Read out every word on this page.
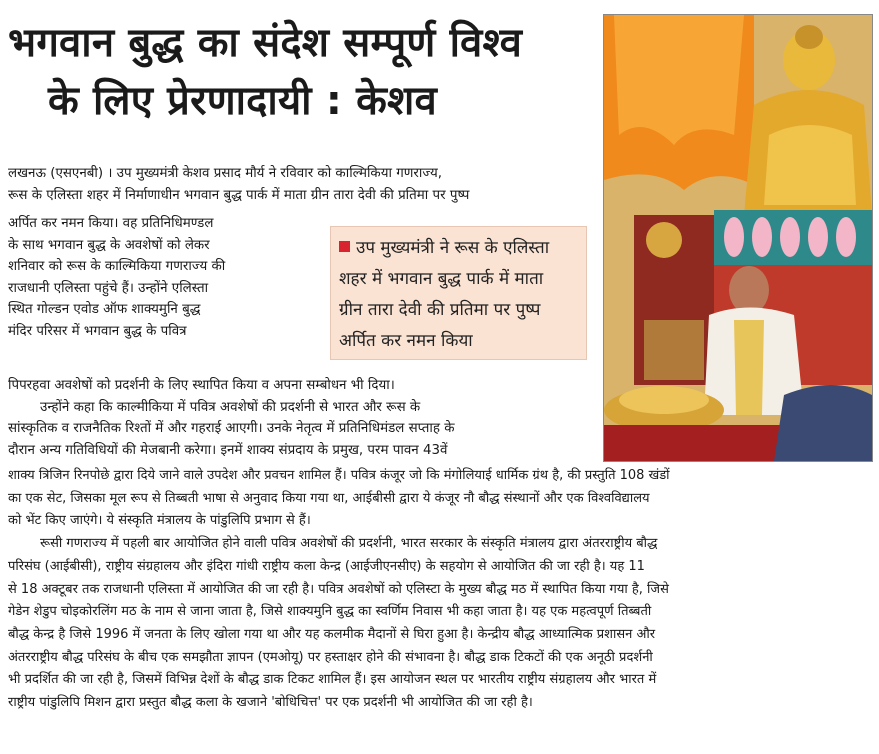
भगवान बुद्ध का संदेश सम्पूर्ण विश्व
के लिए प्रेरणादायी : केशव
लखनऊ (एसएनबी) । उप मुख्यमंत्री केशव प्रसाद मौर्य ने रविवार को काल्मिकिया गणराज्य,
रूस के एलिस्ता शहर में निर्माणाधीन भगवान बुद्ध पार्क में माता ग्रीन तारा देवी की प्रतिमा पर पुष्प
अर्पित कर नमन किया। वह प्रतिनिधिमण्डल
के साथ भगवान बुद्ध के अवशेषों को लेकर
शनिवार को रूस के काल्मिकिया गणराज्य की
राजधानी एलिस्ता पहुंचे हैं। उन्होंने एलिस्ता
स्थित गोल्डन एवोड ऑफ शाक्यमुनि बुद्ध
मंदिर परिसर में भगवान बुद्ध के पवित्र
उप मुख्यमंत्री ने रूस के एलिस्ता
शहर में भगवान बुद्ध पार्क में माता
ग्रीन तारा देवी की प्रतिमा पर पुष्प
अर्पित कर नमन किया
पिपरहवा अवशेषों को प्रदर्शनी के लिए स्थापित किया व अपना सम्बोधन भी दिया।
उन्होंने कहा कि काल्मीकिया में पवित्र अवशेषों की प्रदर्शनी से भारत और रूस के
सांस्कृतिक व राजनैतिक रिश्तों में और गहराई आएगी। उनके नेतृत्व में प्रतिनिधिमंडल सप्ताह के
दौरान अन्य गतिविधियों की मेजबानी करेगा। इनमें शाक्य संप्रदाय के प्रमुख, परम पावन 43वें
शाक्य त्रिजिन रिनपोछे द्वारा दिये जाने वाले उपदेश और प्रवचन शामिल हैं। पवित्र कंजूर जो कि मंगोलियाई धार्मिक ग्रंथ है, की प्रस्तुति 108 खंडों
का एक सेट, जिसका मूल रूप से तिब्बती भाषा से अनुवाद किया गया था, आईबीसी द्वारा ये कंजूर नौ बौद्ध संस्थानों और एक विश्वविद्यालय
को भेंट किए जाएंगे। ये संस्कृति मंत्रालय के पांडुलिपि प्रभाग से हैं।
रूसी गणराज्य में पहली बार आयोजित होने वाली पवित्र अवशेषों की प्रदर्शनी, भारत सरकार के संस्कृति मंत्रालय द्वारा अंतरराष्ट्रीय बौद्ध
परिसंघ (आईबीसी), राष्ट्रीय संग्रहालय और इंदिरा गांधी राष्ट्रीय कला केन्द्र (आईजीएनसीए) के सहयोग से आयोजित की जा रही है। यह 11
से 18 अक्टूबर तक राजधानी एलिस्ता में आयोजित की जा रही है। पवित्र अवशेषों को एलिस्टा के मुख्य बौद्ध मठ में स्थापित किया गया है, जिसे
गेडेन शेडुप चोइकोरलिंग मठ के नाम से जाना जाता है, जिसे शाक्यमुनि बुद्ध का स्वर्णिम निवास भी कहा जाता है। यह एक महत्वपूर्ण तिब्बती
बौद्ध केन्द्र है जिसे 1996 में जनता के लिए खोला गया था और यह कलमीक मैदानों से घिरा हुआ है। केन्द्रीय बौद्ध आध्यात्मिक प्रशासन और
अंतरराष्ट्रीय बौद्ध परिसंघ के बीच एक समझौता ज्ञापन (एमओयू) पर हस्ताक्षर होने की संभावना है। बौद्ध डाक टिकटों की एक अनूठी प्रदर्शनी
भी प्रदर्शित की जा रही है, जिसमें विभिन्न देशों के बौद्ध डाक टिकट शामिल हैं। इस आयोजन स्थल पर भारतीय राष्ट्रीय संग्रहालय और भारत में
राष्ट्रीय पांडुलिपि मिशन द्वारा प्रस्तुत बौद्ध कला के खजाने 'बोधिचित्त' पर एक प्रदर्शनी भी आयोजित की जा रही है।
